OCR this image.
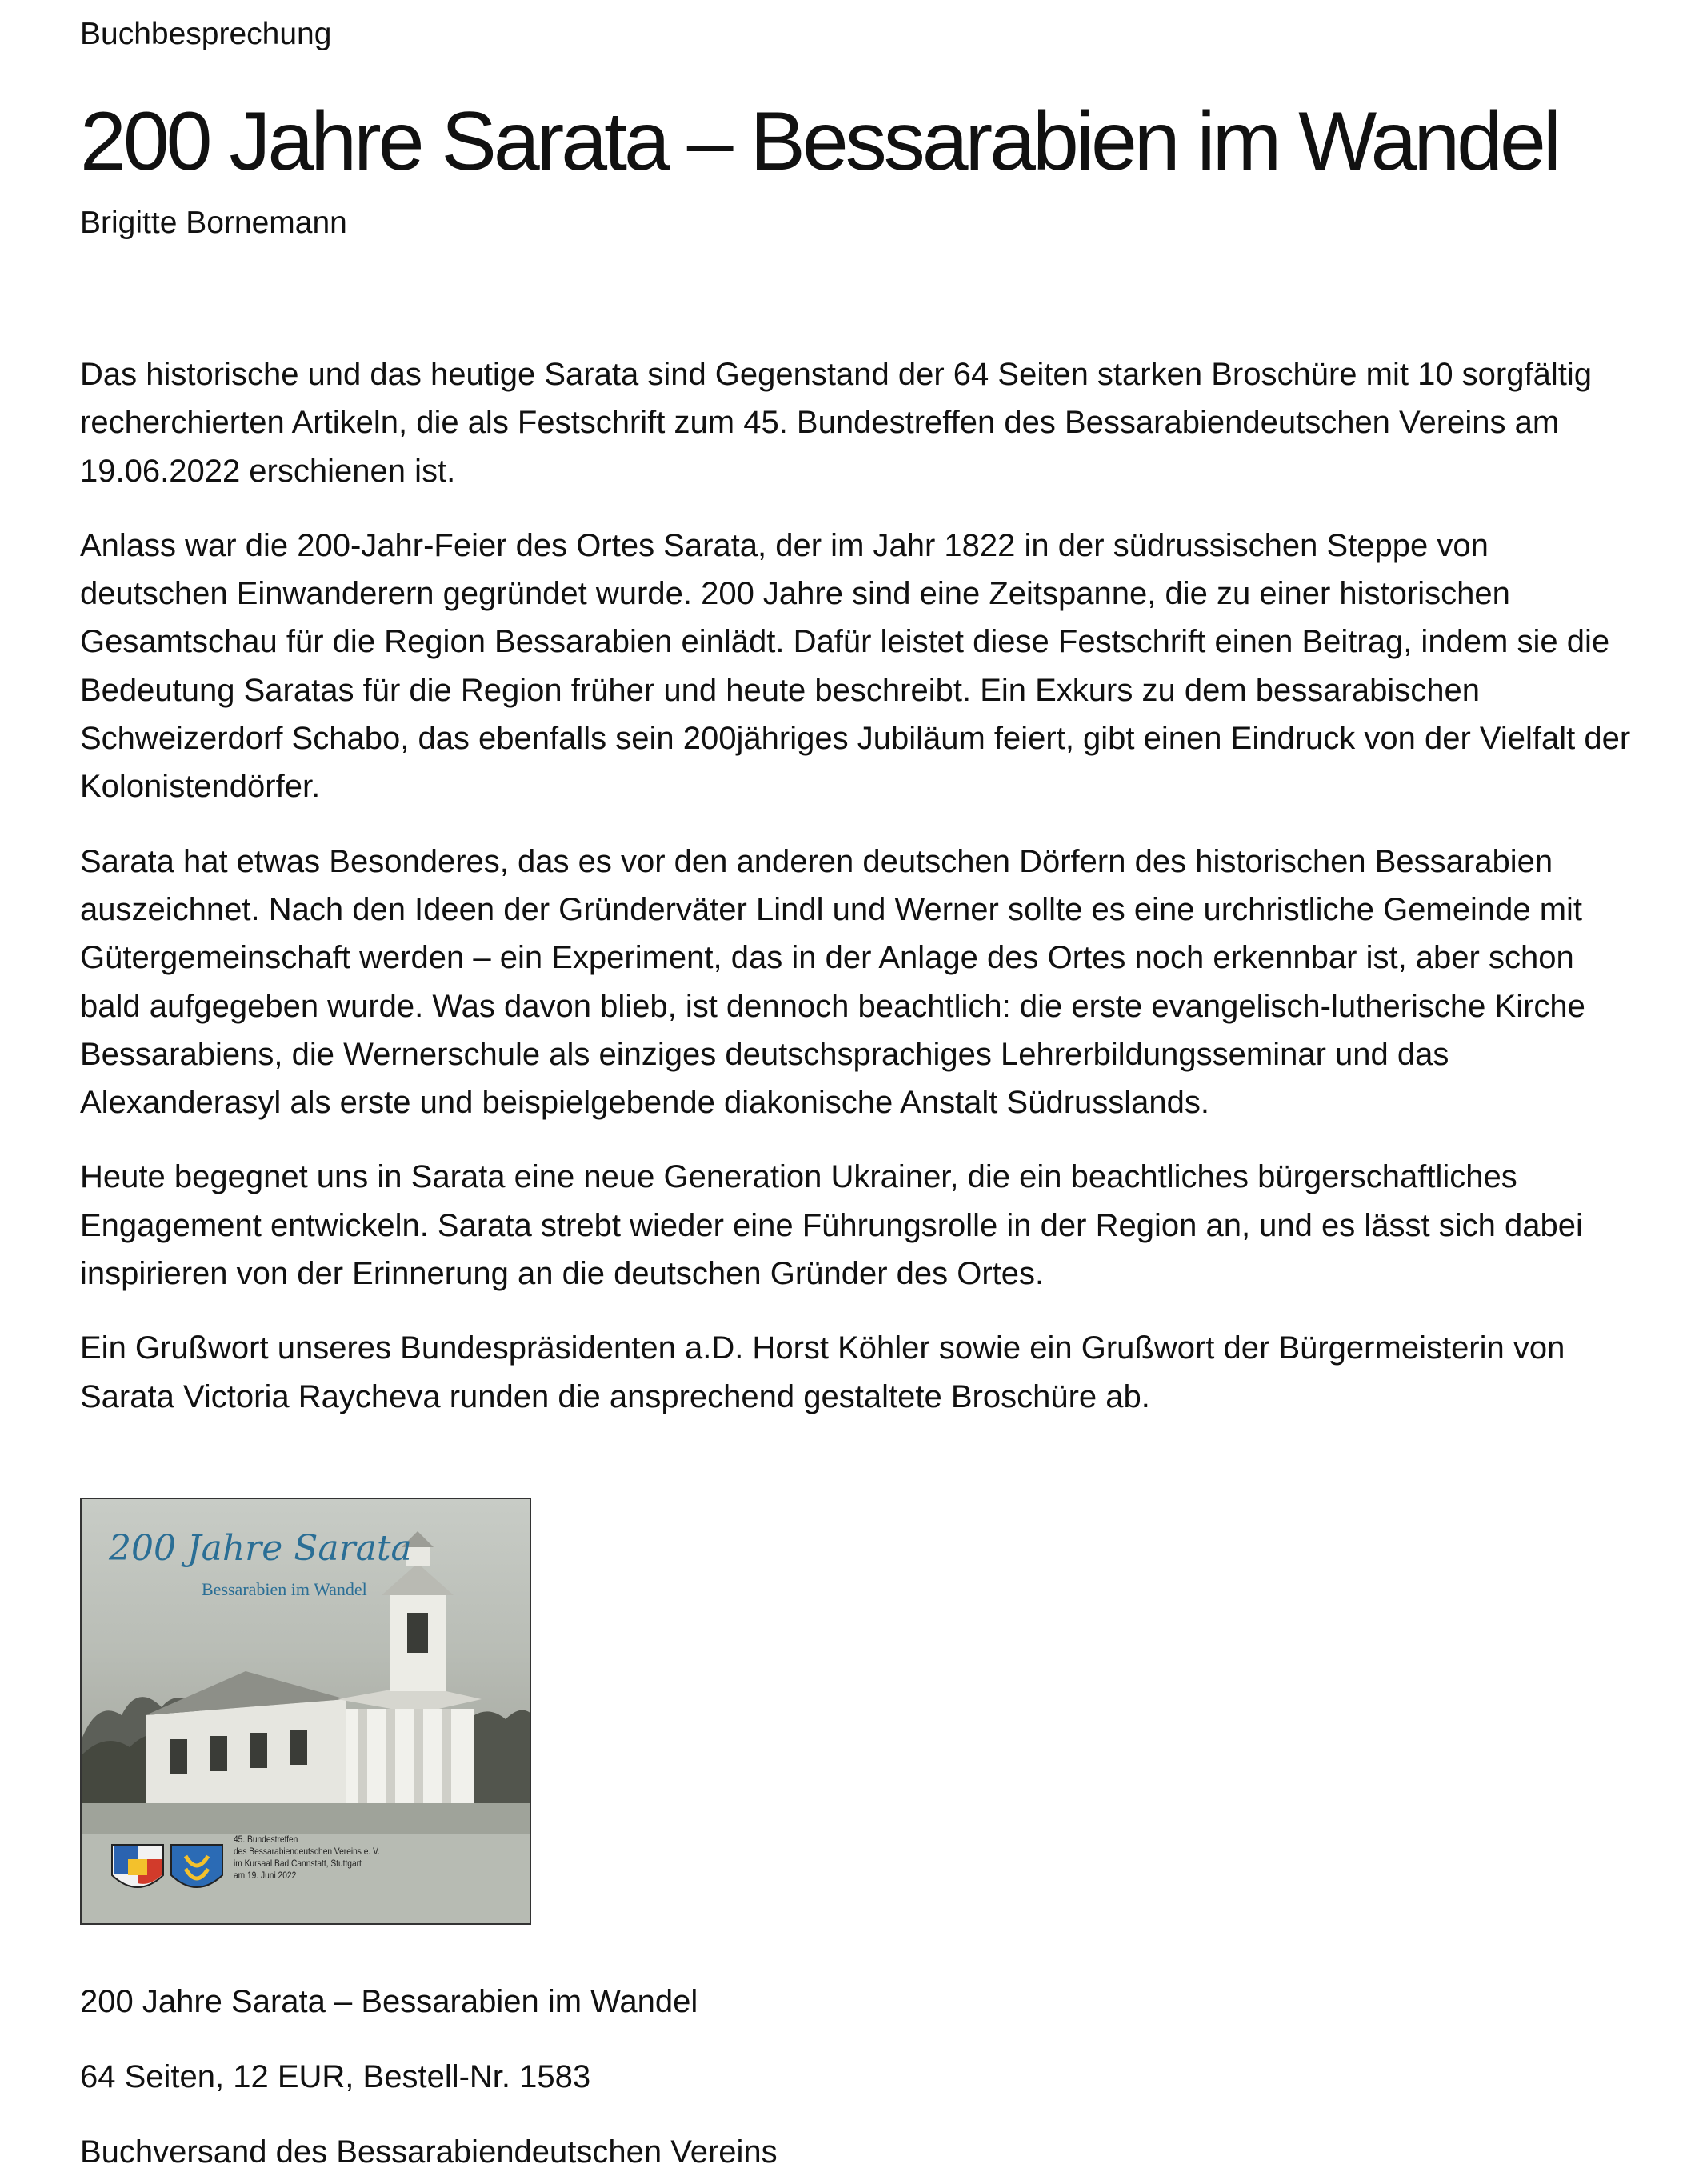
Buchbesprechung
200 Jahre Sarata – Bessarabien im Wandel
Brigitte Bornemann

Das historische und das heutige Sarata sind Gegenstand der 64 Seiten starken Broschüre mit 10 sorgfältig recherchierten Artikeln, die als Festschrift zum 45. Bundestreffen des Bessarabiendeutschen Vereins am 19.06.2022 erschienen ist.

Anlass war die 200-Jahr-Feier des Ortes Sarata, der im Jahr 1822 in der südrussischen Steppe von deutschen Einwanderern gegründet wurde. 200 Jahre sind eine Zeitspanne, die zu einer historischen Gesamtschau für die Region Bessarabien einlädt. Dafür leistet diese Festschrift einen Beitrag, indem sie die Bedeutung Saratas für die Region früher und heute beschreibt. Ein Exkurs zu dem bessarabischen Schweizerdorf Schabo, das ebenfalls sein 200jähriges Jubiläum feiert, gibt einen Eindruck von der Vielfalt der Kolonistendörfer.

Sarata hat etwas Besonderes, das es vor den anderen deutschen Dörfern des historischen Bessarabien auszeichnet. Nach den Ideen der Gründerväter Lindl und Werner sollte es eine urchristliche Gemeinde mit Gütergemeinschaft werden – ein Experiment, das in der Anlage des Ortes noch erkennbar ist, aber schon bald aufgegeben wurde. Was davon blieb, ist dennoch beachtlich: die erste evangelisch-lutherische Kirche Bessarabiens, die Wernerschule als einziges deutschsprachiges Lehrerbildungsseminar und das Alexanderasyl als erste und beispielgebende diakonische Anstalt Südrusslands.

Heute begegnet uns in Sarata eine neue Generation Ukrainer, die ein beachtliches bürgerschaftliches Engagement entwickeln. Sarata strebt wieder eine Führungsrolle in der Region an, und es lässt sich dabei inspirieren von der Erinnerung an die deutschen Gründer des Ortes.

Ein Grußwort unseres Bundespräsidenten a.D. Horst Köhler sowie ein Grußwort der Bürgermeisterin von Sarata Victoria Raycheva runden die ansprechend gestaltete Broschüre ab.

200 Jahre Sarata
Bessarabien im Wandel
45. Bundestreffen
des Bessarabiendeutschen Vereins e. V.
im Kursaal Bad Cannstatt, Stuttgart
am 19. Juni 2022
200 Jahre Sarata – Bessarabien im Wandel
64 Seiten, 12 EUR, Bestell-Nr. 1583
Buchversand des Bessarabiendeutschen Vereins
